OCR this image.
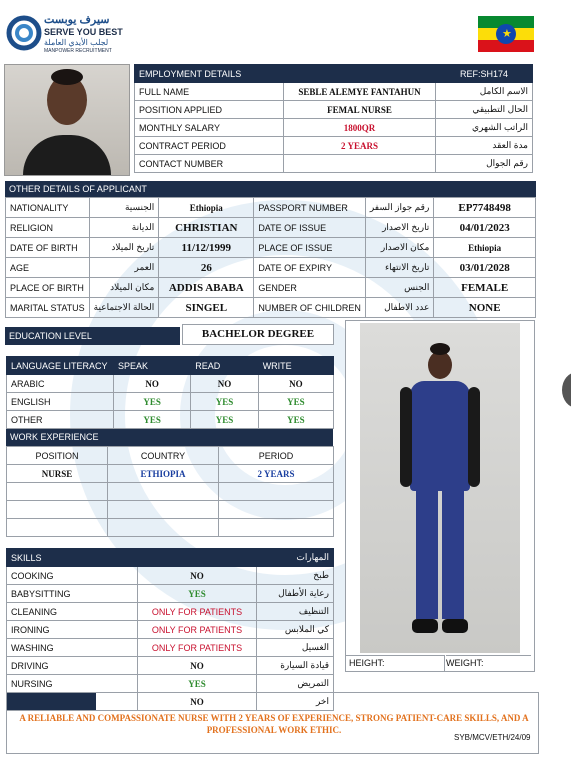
سيرف يوبست
SERVE YOU BEST
لجلب الأيدي العاملة
MANPOWER RECRUITMENT
★
EMPLOYMENT DETAILS		REF:SH174
FULL NAME	SEBLE ALEMYE FANTAHUN	الاسم الكامل
POSITION APPLIED	FEMAL NURSE	الحال التطبيقي
MONTHLY SALARY	1800QR	الراتب الشهري
CONTRACT PERIOD	2 YEARS	مدة العقد
CONTACT NUMBER		رقم الجوال
OTHER DETAILS OF APPLICANT
NATIONALITY	الجنسية	Ethiopia	PASSPORT NUMBER	رقم جواز السفر	EP7748498
RELIGION	الديانة	CHRISTIAN	DATE OF ISSUE	تاريخ الاصدار	04/01/2023
DATE OF BIRTH	تاريخ الميلاد	11/12/1999	PLACE OF ISSUE	مكان الاصدار	Ethiopia
AGE	العمر	26	DATE OF EXPIRY	تاريخ الانتهاء	03/01/2028
PLACE OF BIRTH	مكان الميلاد	ADDIS ABABA	GENDER	الجنس	FEMALE
MARITAL STATUS	الحالة الاجتماعية	SINGEL	NUMBER OF CHILDREN	عدد الاطفال	NONE
EDUCATION LEVEL	BACHELOR DEGREE
LANGUAGE LITERACY	SPEAK	READ	WRITE
ARABIC	NO	NO	NO
ENGLISH	YES	YES	YES
OTHER	YES	YES	YES
WORK EXPERIENCE
POSITION	COUNTRY	PERIOD
NURSE	ETHIOPIA	2 YEARS

SKILLS		المهارات
COOKING	NO	طبخ
BABYSITTING	YES	رعاية الأطفال
CLEANING	ONLY FOR PATIENTS	التنظيف
IRONING	ONLY FOR PATIENTS	كي الملابس
WASHING	ONLY FOR PATIENTS	الغسيل
DRIVING	NO	قيادة السيارة
NURSING	YES	التمريض
	NO	اخر
HEIGHT:	WEIGHT:
A RELIABLE AND COMPASSIONATE NURSE WITH 2 YEARS OF EXPERIENCE, STRONG PATIENT-CARE SKILLS, AND A PROFESSIONAL WORK ETHIC.
SYB/MCV/ETH/24/09
